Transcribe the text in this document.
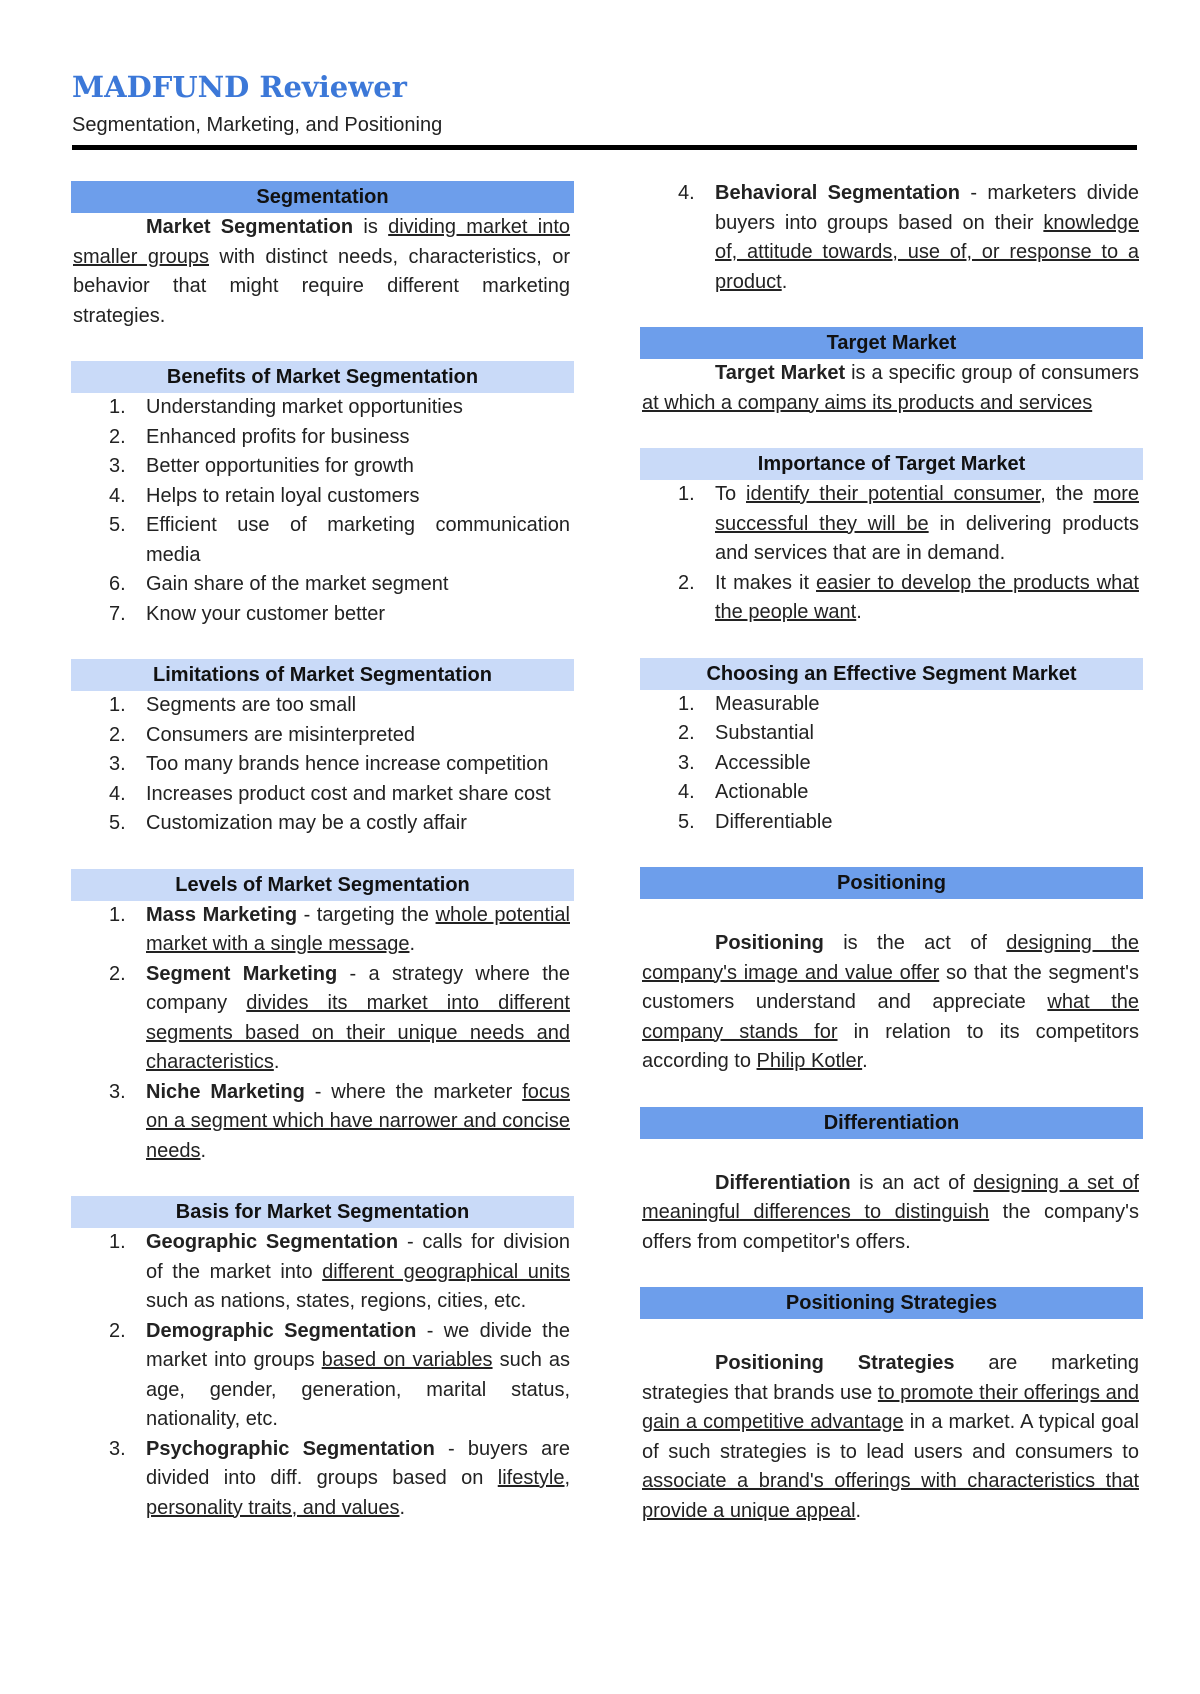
MADFUND Reviewer
Segmentation, Marketing, and Positioning
Segmentation
Market Segmentation is dividing market into smaller groups with distinct needs, characteristics, or behavior that might require different marketing strategies.
Benefits of Market Segmentation
1.	Understanding market opportunities
2.	Enhanced profits for business
3.	Better opportunities for growth
4.	Helps to retain loyal customers
5.	Efficient use of marketing communication media
6.	Gain share of the market segment
7.	Know your customer better
Limitations of Market Segmentation
1.	Segments are too small
2.	Consumers are misinterpreted
3.	Too many brands hence increase competition
4.	Increases product cost and market share cost
5.	Customization may be a costly affair
Levels of Market Segmentation
1.	Mass Marketing - targeting the whole potential market with a single message.
2.	Segment Marketing - a strategy where the company divides its market into different segments based on their unique needs and characteristics.
3.	Niche Marketing - where the marketer focus on a segment which have narrower and concise needs.
Basis for Market Segmentation
1.	Geographic Segmentation - calls for division of the market into different geographical units such as nations, states, regions, cities, etc.
2.	Demographic Segmentation - we divide the market into groups based on variables such as age, gender, generation, marital status, nationality, etc.
3.	Psychographic Segmentation - buyers are divided into diff. groups based on lifestyle, personality traits, and values.
4.	Behavioral Segmentation - marketers divide buyers into groups based on their knowledge of, attitude towards, use of, or response to a product.
Target Market
Target Market is a specific group of consumers at which a company aims its products and services
Importance of Target Market
1.	To identify their potential consumer, the more successful they will be in delivering products and services that are in demand.
2.	It makes it easier to develop the products what the people want.
Choosing an Effective Segment Market
1.	Measurable
2.	Substantial
3.	Accessible
4.	Actionable
5.	Differentiable
Positioning
Positioning is the act of designing the company's image and value offer so that the segment's customers understand and appreciate what the company stands for in relation to its competitors according to Philip Kotler.
Differentiation
Differentiation is an act of designing a set of meaningful differences to distinguish the company's offers from competitor's offers.
Positioning Strategies
Positioning Strategies are marketing strategies that brands use to promote their offerings and gain a competitive advantage in a market. A typical goal of such strategies is to lead users and consumers to associate a brand's offerings with characteristics that provide a unique appeal.
